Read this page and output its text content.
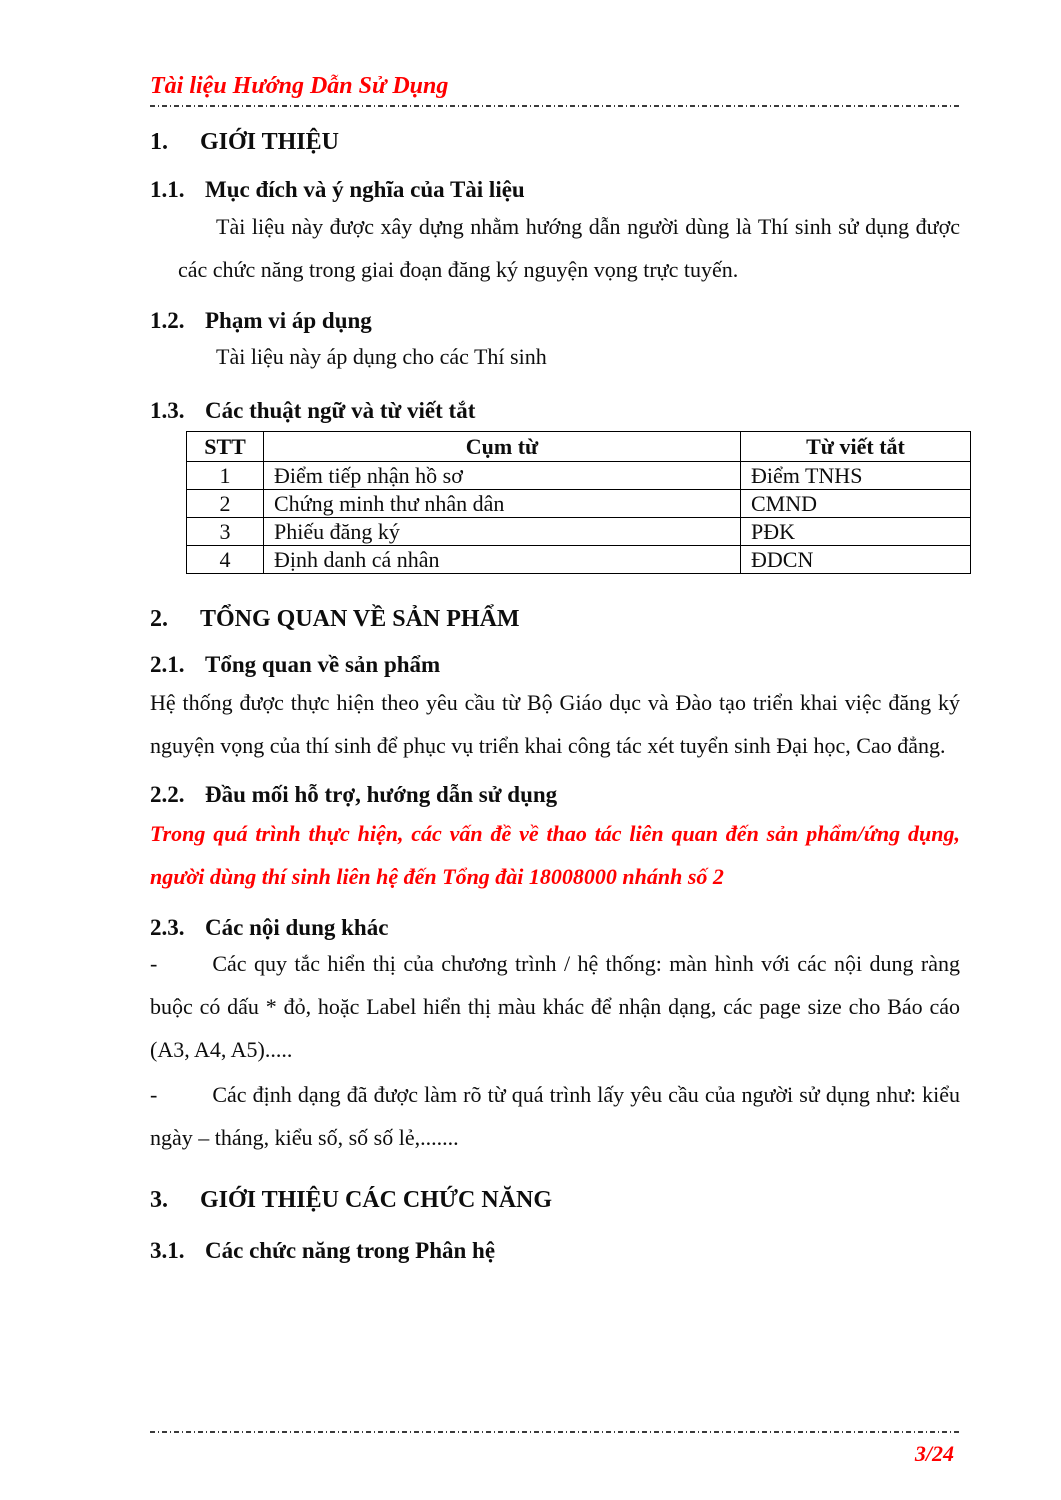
Tài liệu Hướng Dẫn Sử Dụng
1. GIỚI THIỆU
1.1. Mục đích và ý nghĩa của Tài liệu

Tài liệu này được xây dựng nhằm hướng dẫn người dùng là Thí sinh sử dụng được các chức năng trong giai đoạn đăng ký nguyện vọng trực tuyến.

1.2. Phạm vi áp dụng

Tài liệu này áp dụng cho các Thí sinh

1.3. Các thuật ngữ và từ viết tắt
STT	Cụm từ	Từ viết tắt
1	Điểm tiếp nhận hồ sơ	Điểm TNHS
2	Chứng minh thư nhân dân	CMND
3	Phiếu đăng ký	PĐK
4	Định danh cá nhân	ĐDCN
2. TỔNG QUAN VỀ SẢN PHẨM
2.1. Tổng quan về sản phẩm

Hệ thống được thực hiện theo yêu cầu từ Bộ Giáo dục và Đào tạo triển khai việc đăng ký nguyện vọng của thí sinh để phục vụ triển khai công tác xét tuyển sinh Đại học, Cao đẳng.

2.2. Đầu mối hỗ trợ, hướng dẫn sử dụng

Trong quá trình thực hiện, các vấn đề về thao tác liên quan đến sản phẩm/ứng dụng, người dùng thí sinh liên hệ đến Tổng đài 18008000 nhánh số 2

2.3. Các nội dung khác

-	Các quy tắc hiển thị của chương trình / hệ thống: màn hình với các nội dung ràng buộc có dấu * đỏ, hoặc Label hiển thị màu khác để nhận dạng, các page size cho Báo cáo (A3, A4, A5).....

-	Các định dạng đã được làm rõ từ quá trình lấy yêu cầu của người sử dụng như: kiểu ngày – tháng, kiểu số, số số lẻ,.......

3. GIỚI THIỆU CÁC CHỨC NĂNG
3.1. Các chức năng trong Phân hệ
3/24
